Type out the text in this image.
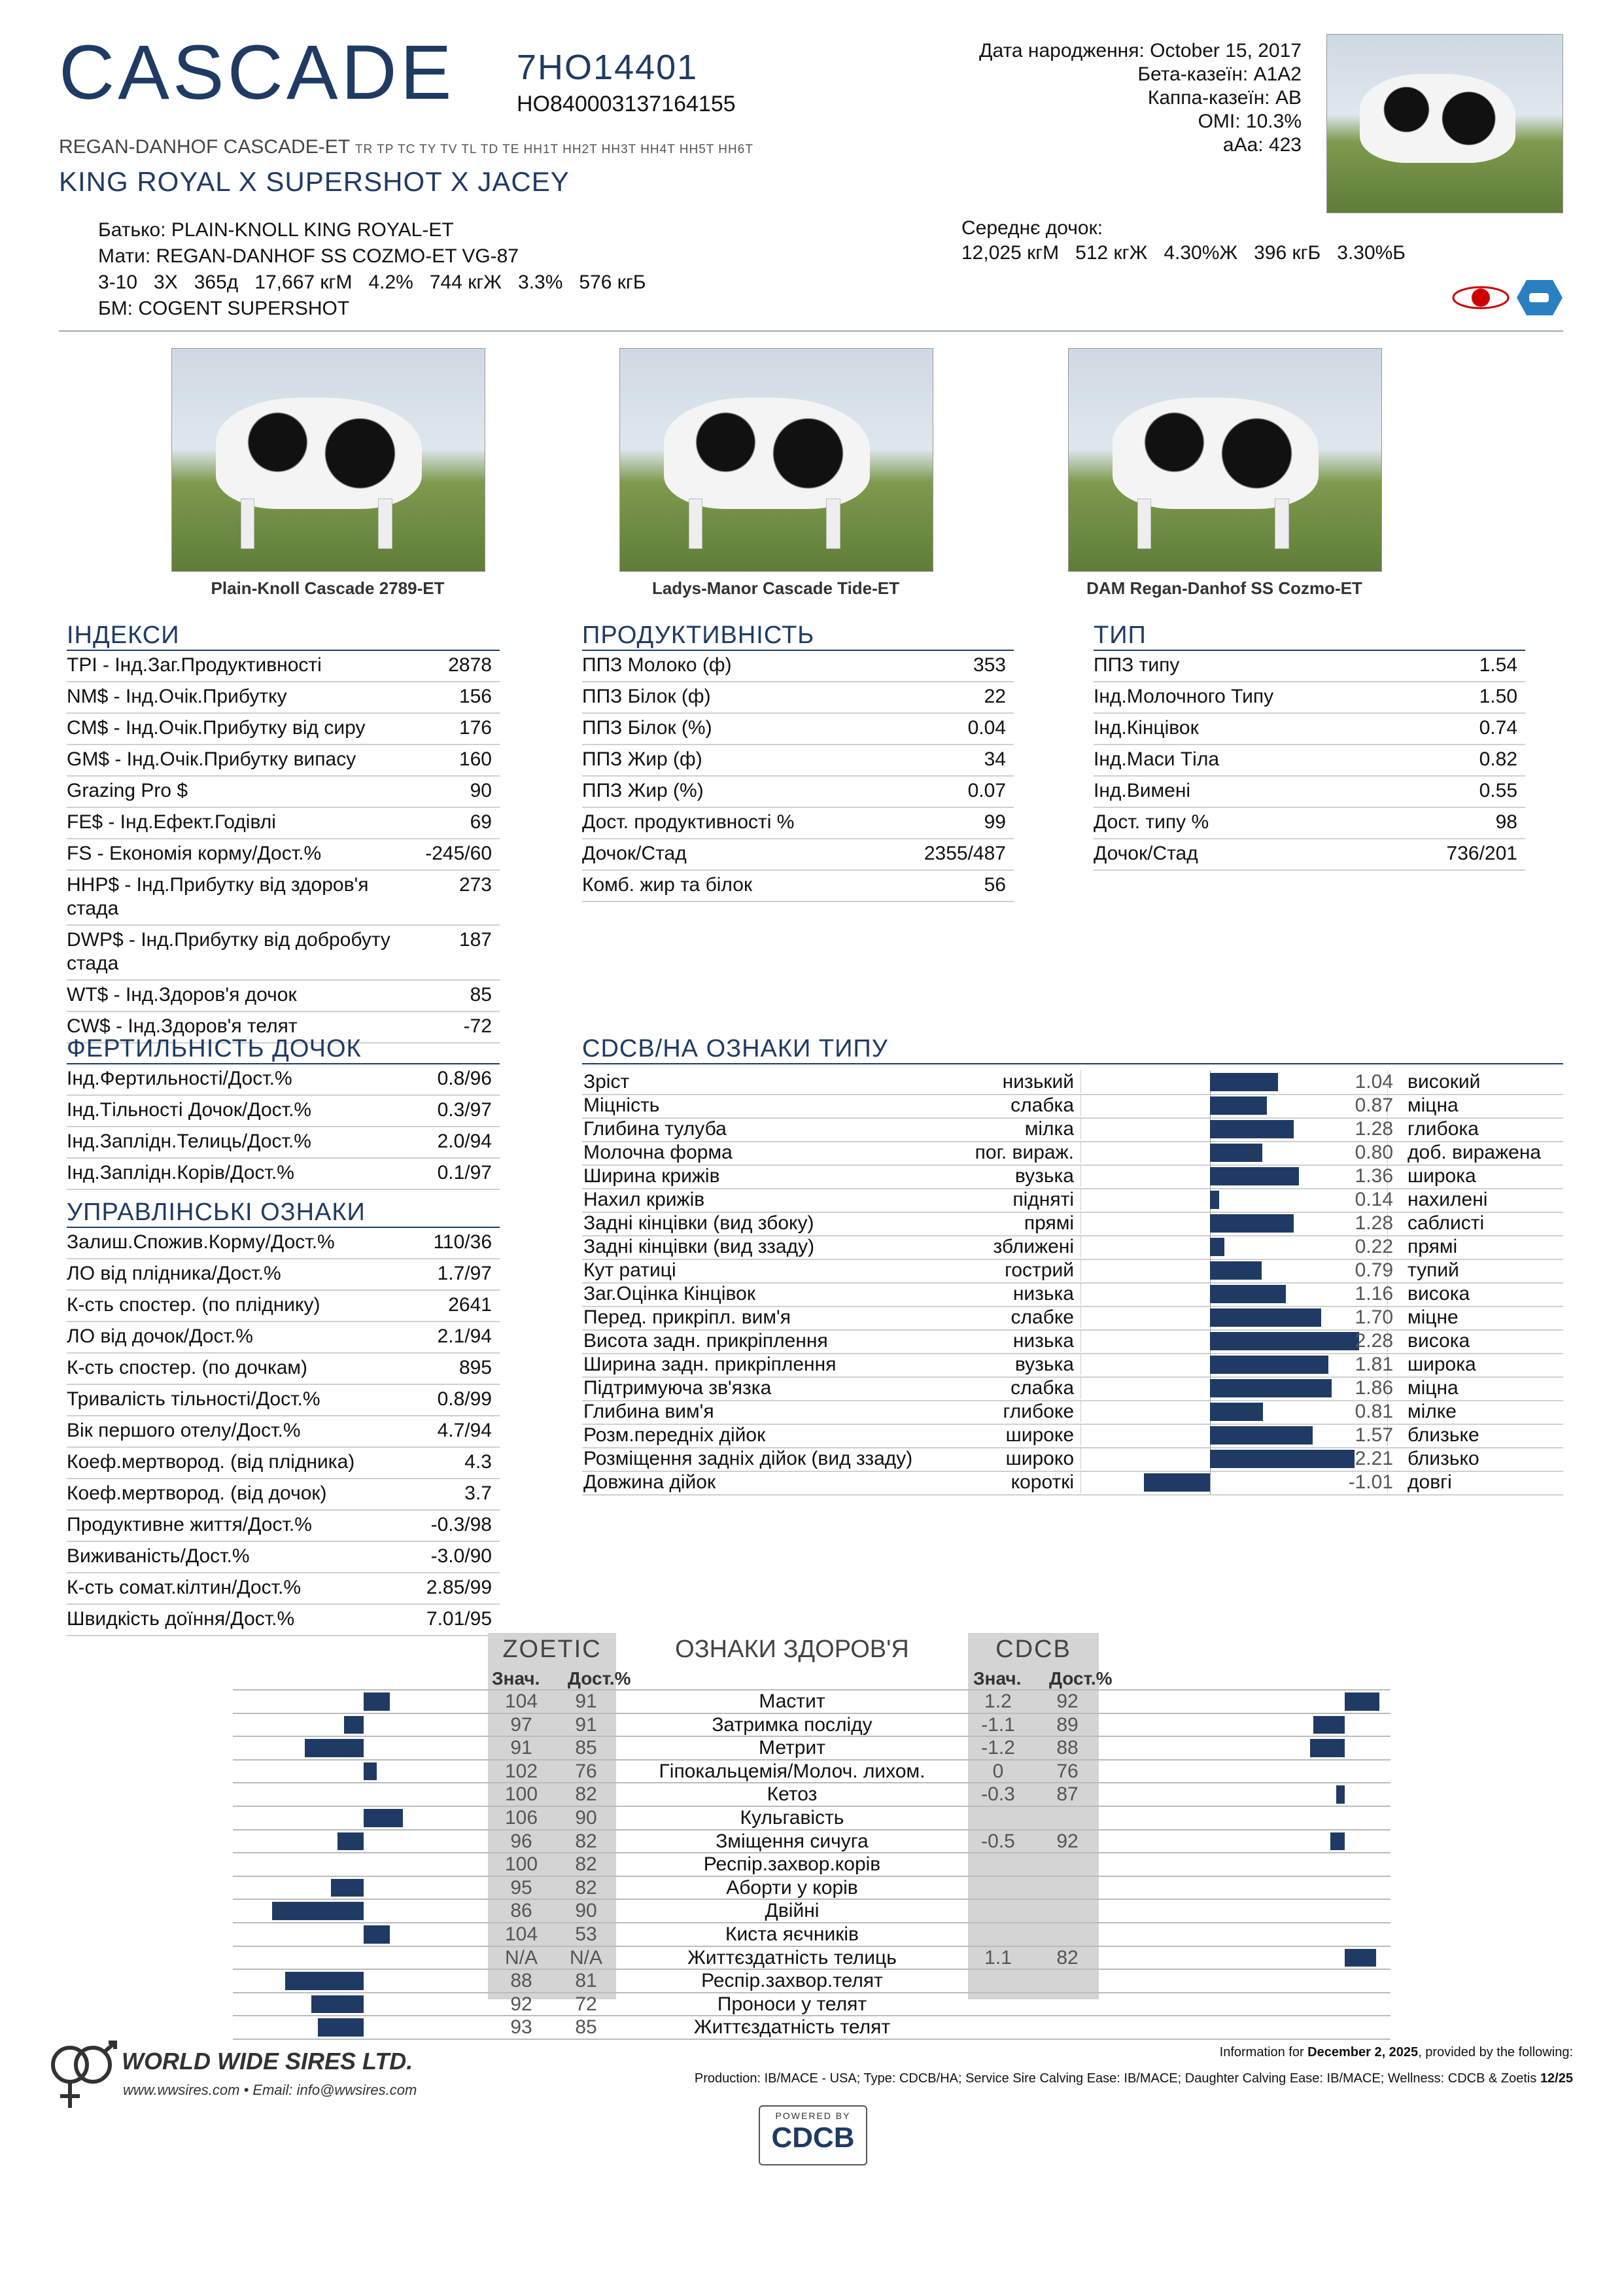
CASCADE 7HO14401
HO840003137164155
REGAN-DANHOF CASCADE-ET TR TP TC TY TV TL TD TE HH1T HH2T HH3T HH4T HH5T HH6T
KING ROYAL X SUPERSHOT X JACEY
Батько: PLAIN-KNOLL KING ROYAL-ET
Мати: REGAN-DANHOF SS COZMO-ET VG-87
3-10   3X   365д   17,667 кгМ   4.2%   744 кгЖ   3.3%   576 кгБ
БМ: COGENT SUPERSHOT
Дата народження: October 15, 2017
Бета-казеїн: A1A2
Каппа-казеїн: AB
OMI: 10.3%
aAa: 423
Середнє дочок:
12,025 кгМ   512 кгЖ   4.30%Ж   396 кгБ   3.30%Б
Plain-Knoll Cascade 2789-ET	Ladys-Manor Cascade Tide-ET	DAM Regan-Danhof SS Cozmo-ET
ІНДЕКСИ
TPI - Інд.Заг.Продуктивності	2878
NM$ - Інд.Очік.Прибутку	156
CM$ - Інд.Очік.Прибутку від сиру	176
GM$ - Інд.Очік.Прибутку випасу	160
Grazing Pro $	90
FE$ - Інд.Ефект.Годівлі	69
FS - Економія корму/Дост.%	-245/60
HHP$ - Інд.Прибутку від здоров'я стада
273
DWP$ - Інд.Прибутку від добробуту стада
187
WT$ - Інд.Здоров'я дочок	85
CW$ - Інд.Здоров'я телят	-72
ПРОДУКТИВНІСТЬ
ППЗ Молоко (ф)	353
ППЗ Білок (ф)	22
ППЗ Білок (%)	0.04
ППЗ Жир (ф)	34
ППЗ Жир (%)	0.07
Дост. продуктивності %	99
Дочок/Стад	2355/487
Комб. жир та білок	56
ТИП
ППЗ типу	1.54
Інд.Молочного Типу	1.50
Інд.Кінцівок	0.74
Інд.Маси Тіла	0.82
Інд.Вимені	0.55
Дост. типу %	98
Дочок/Стад	736/201
ФЕРТИЛЬНІСТЬ ДОЧОК
Інд.Фертильності/Дост.%	0.8/96
Інд.Тільності Дочок/Дост.%	0.3/97
Інд.Заплідн.Телиць/Дост.%	2.0/94
Інд.Заплідн.Корів/Дост.%	0.1/97
УПРАВЛІНСЬКІ ОЗНАКИ
Залиш.Спожив.Корму/Дост.%	110/36
ЛО від плідника/Дост.%	1.7/97
К-сть спостер. (по пліднику)	2641
ЛО від дочок/Дост.%	2.1/94
К-сть спостер. (по дочкам)	895
Тривалість тільності/Дост.%	0.8/99
Вік першого отелу/Дост.%	4.7/94
Коеф.мертвород. (від плідника)	4.3
Коеф.мертвород. (від дочок)	3.7
Продуктивне життя/Дост.%	-0.3/98
Виживаність/Дост.%	-3.0/90
К-сть сомат.кілтин/Дост.%	2.85/99
Швидкість доїння/Дост.%	7.01/95
CDCB/НА ОЗНАКИ ТИПУ
Зріст	низький	1.04 високий
Міцність	слабка	0.87 міцна
Глибина тулуба	мілка	1.28 глибока
Молочна форма	пог. вираж.	0.80 доб. виражена
Ширина крижів	вузька	1.36 широка
Нахил крижів	підняті	0.14 нахилені
Задні кінцівки (вид збоку)	прямі	1.28 саблисті
Задні кінцівки (вид ззаду)	зближені	0.22 прямі
Кут ратиці	гострий	0.79 тупий
Заг.Оцінка Кінцівок	низька	1.16 висока
Перед. прикріпл. вим'я	слабке	1.70 міцне
Висота задн. прикріплення	низька	2.28 висока
Ширина задн. прикріплення	вузька	1.81 широка
Підтримуюча зв'язка	слабка	1.86 міцна
Глибина вим'я	глибоке	0.81 мілке
Розм.передніх дійок	широке	1.57 близьке
Розміщення задніх дійок (вид ззаду)	широко	2.21 близько
Довжина дійок	короткі	-1.01 довгі
ZOETIC	ОЗНАКИ ЗДОРОВ'Я	CDCB
Знач. Дост.%	Знач. Дост.%
104	91	Мастит	1.2	92
97	91	Затримка посліду	-1.1	89
91	85	Метрит	-1.2	88
102	76	Гіпокальцемія/Молоч. лихом.	0	76
100	82	Кетоз	-0.3	87
106	90	Кульгавість
96	82	Зміщення сичуга	-0.5	92
100	82	Респір.захвор.корів
95	82	Аборти у корів
86	90	Двійні
104	53	Киста яєчників
N/A	N/A	Життєздатність телиць	1.1	82
88	81	Респір.захвор.телят
92	72	Проноси у телят
93	85	Життєздатність телят
WORLD WIDE SIRES LTD.
www.wwsires.com • Email: info@wwsires.com
Information for December 2, 2025, provided by the following:
Production: IB/MACE - USA; Type: CDCB/HA; Service Sire Calving Ease: IB/MACE; Daughter Calving Ease: IB/MACE; Wellness: CDCB & Zoetis 12/25
POWERED BY
CDCB
